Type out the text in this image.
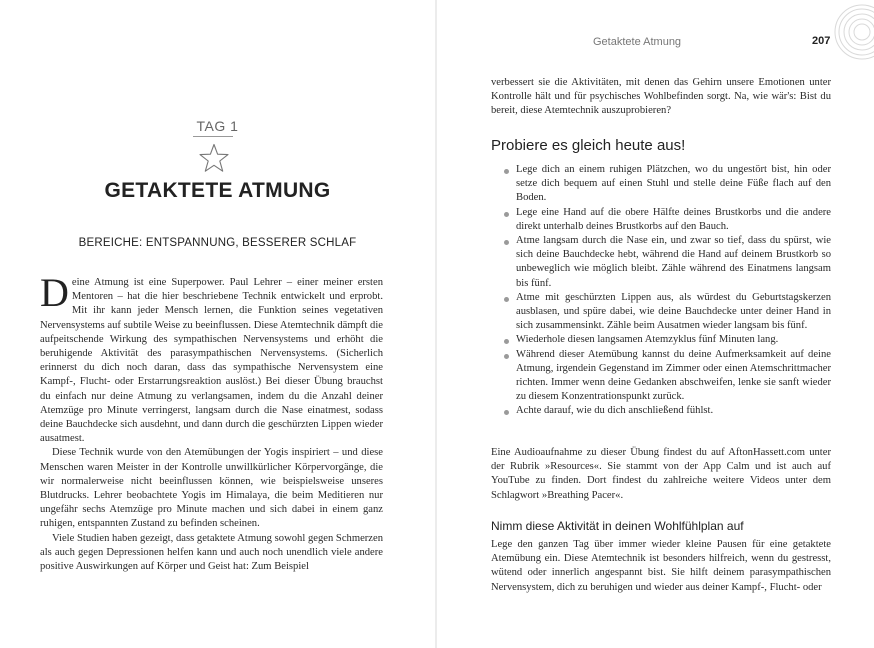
TAG 1
GETAKTETE ATMUNG
BEREICHE: ENTSPANNUNG, BESSERER SCHLAF

Deine Atmung ist eine Superpower. Paul Lehrer – einer meiner ersten Mentoren – hat die hier beschriebene Technik entwickelt und erprobt. Mit ihr kann jeder Mensch lernen, die Funktion seines vegetativen Nervensystems auf subtile Weise zu beeinflussen. Diese Atemtechnik dämpft die aufpeitschende Wirkung des sympathischen Nervensystems und erhöht die beruhigende Aktivität des parasympathischen Nervensystems. (Sicherlich erinnerst du dich noch daran, dass das sympathische Nervensystem eine Kampf-, Flucht- oder Erstarrungsreaktion auslöst.) Bei dieser Übung brauchst du einfach nur deine Atmung zu verlangsamen, indem du die Anzahl deiner Atemzüge pro Minute verringerst, langsam durch die Nase einatmest, sodass deine Bauchdecke sich ausdehnt, und dann durch die geschürzten Lippen wieder ausatmest.

Diese Technik wurde von den Atemübungen der Yogis inspiriert – und diese Menschen waren Meister in der Kontrolle unwillkürlicher Körpervorgänge, die wir normalerweise nicht beeinflussen können, wie beispielsweise unseres Blutdrucks. Lehrer beobachtete Yogis im Himalaya, die beim Meditieren nur ungefähr sechs Atemzüge pro Minute machen und sich dabei in einem ganz ruhigen, entspannten Zustand zu befinden scheinen.

Viele Studien haben gezeigt, dass getaktete Atmung sowohl gegen Schmerzen als auch gegen Depressionen helfen kann und auch noch unendlich viele andere positive Auswirkungen auf Körper und Geist hat: Zum Beispiel

Getaktete Atmung	207

verbessert sie die Aktivitäten, mit denen das Gehirn unsere Emotionen unter Kontrolle hält und für psychisches Wohlbefinden sorgt. Na, wie wär's: Bist du bereit, diese Atemtechnik auszuprobieren?

Probiere es gleich heute aus!
Lege dich an einem ruhigen Plätzchen, wo du ungestört bist, hin oder setze dich bequem auf einen Stuhl und stelle deine Füße flach auf den Boden.
Lege eine Hand auf die obere Hälfte deines Brustkorbs und die andere direkt unterhalb deines Brustkorbs auf den Bauch.
Atme langsam durch die Nase ein, und zwar so tief, dass du spürst, wie sich deine Bauchdecke hebt, während die Hand auf deinem Brustkorb so unbeweglich wie möglich bleibt. Zähle während des Einatmens langsam bis fünf.
Atme mit geschürzten Lippen aus, als würdest du Geburtstagskerzen ausblasen, und spüre dabei, wie deine Bauchdecke unter deiner Hand in sich zusammensinkt. Zähle beim Ausatmen wieder langsam bis fünf.
Wiederhole diesen langsamen Atemzyklus fünf Minuten lang.
Während dieser Atemübung kannst du deine Aufmerksamkeit auf deine Atmung, irgendein Gegenstand im Zimmer oder einen Atemschrittmacher richten. Immer wenn deine Gedanken abschweifen, lenke sie sanft wieder zu diesem Konzentrationspunkt zurück.
Achte darauf, wie du dich anschließend fühlst.

Eine Audioaufnahme zu dieser Übung findest du auf AftonHassett.com unter der Rubrik »Resources«. Sie stammt von der App Calm und ist auch auf YouTube zu finden. Dort findest du zahlreiche weitere Videos unter dem Schlagwort »Breathing Pacer«.

Nimm diese Aktivität in deinen Wohlfühlplan auf

Lege den ganzen Tag über immer wieder kleine Pausen für eine getaktete Atemübung ein. Diese Atemtechnik ist besonders hilfreich, wenn du gestresst, wütend oder innerlich angespannt bist. Sie hilft deinem parasympathischen Nervensystem, dich zu beruhigen und wieder aus deiner Kampf-, Flucht- oder
